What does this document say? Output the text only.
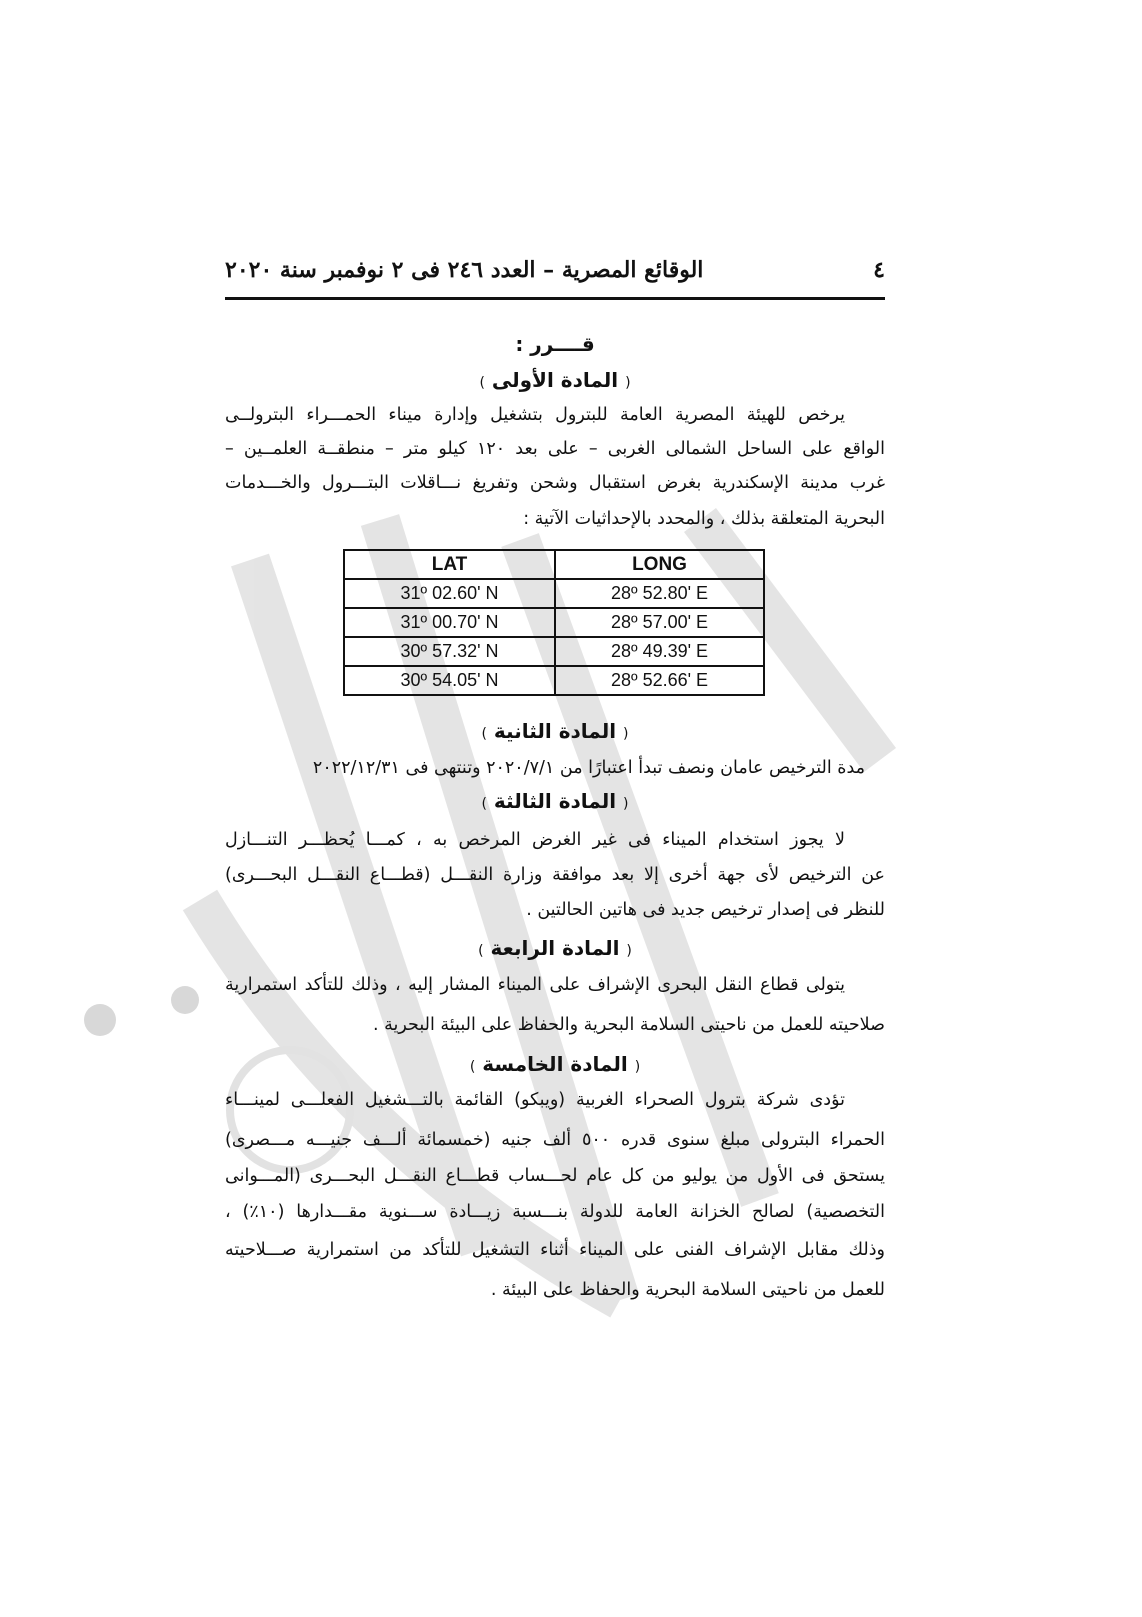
٤
الوقائع المصرية – العدد ٢٤٦ فى ٢ نوفمبر سنة ٢٠٢٠
قــــرر :
( المادة الأولى )
يرخص للهيئة المصرية العامة للبترول بتشغيل وإدارة ميناء الحمـــراء البترولــى
الواقع على الساحل الشمالى الغربى – على بعد ١٢٠ كيلو متر – منطقــة العلمــين –
غرب مدينة الإسكندرية بغرض استقبال وشحن وتفريغ نـــاقلات البتـــرول والخـــدمات
البحرية المتعلقة بذلك ، والمحدد بالإحداثيات الآتية :
LAT	LONG
31º 02.60' N	28º 52.80' E
31º 00.70' N	28º 57.00' E
30º 57.32' N	28º 49.39' E
30º 54.05' N	28º 52.66' E
( المادة الثانية )
مدة الترخيص عامان ونصف تبدأ اعتبارًا من ٢٠٢٠/٧/١ وتنتهى فى ٢٠٢٢/١٢/٣١
( المادة الثالثة )
لا يجوز استخدام الميناء فى غير الغرض المرخص به ، كمـــا يُحظـــر التنـــازل
عن الترخيص لأى جهة أخرى إلا بعد موافقة وزارة النقـــل (قطـــاع النقـــل البحـــرى)
للنظر فى إصدار ترخيص جديد فى هاتين الحالتين .
( المادة الرابعة )
يتولى قطاع النقل البحرى الإشراف على الميناء المشار إليه ، وذلك للتأكد استمرارية
صلاحيته للعمل من ناحيتى السلامة البحرية والحفاظ على البيئة البحرية .
( المادة الخامسة )
تؤدى شركة بترول الصحراء الغربية (ويبكو) القائمة بالتـــشغيل الفعلـــى لمينـــاء
الحمراء البترولى مبلغ سنوى قدره ٥٠٠ ألف جنيه (خمسمائة ألـــف جنيـــه مـــصرى)
يستحق فى الأول من يوليو من كل عام لحـــساب قطـــاع النقـــل البحـــرى (المـــوانى
التخصصية) لصالح الخزانة العامة للدولة بنـــسبة زيـــادة ســـنوية مقـــدارها (١٠٪) ،
وذلك مقابل الإشراف الفنى على الميناء أثناء التشغيل للتأكد من استمرارية صـــلاحيته
للعمل من ناحيتى السلامة البحرية والحفاظ على البيئة .
